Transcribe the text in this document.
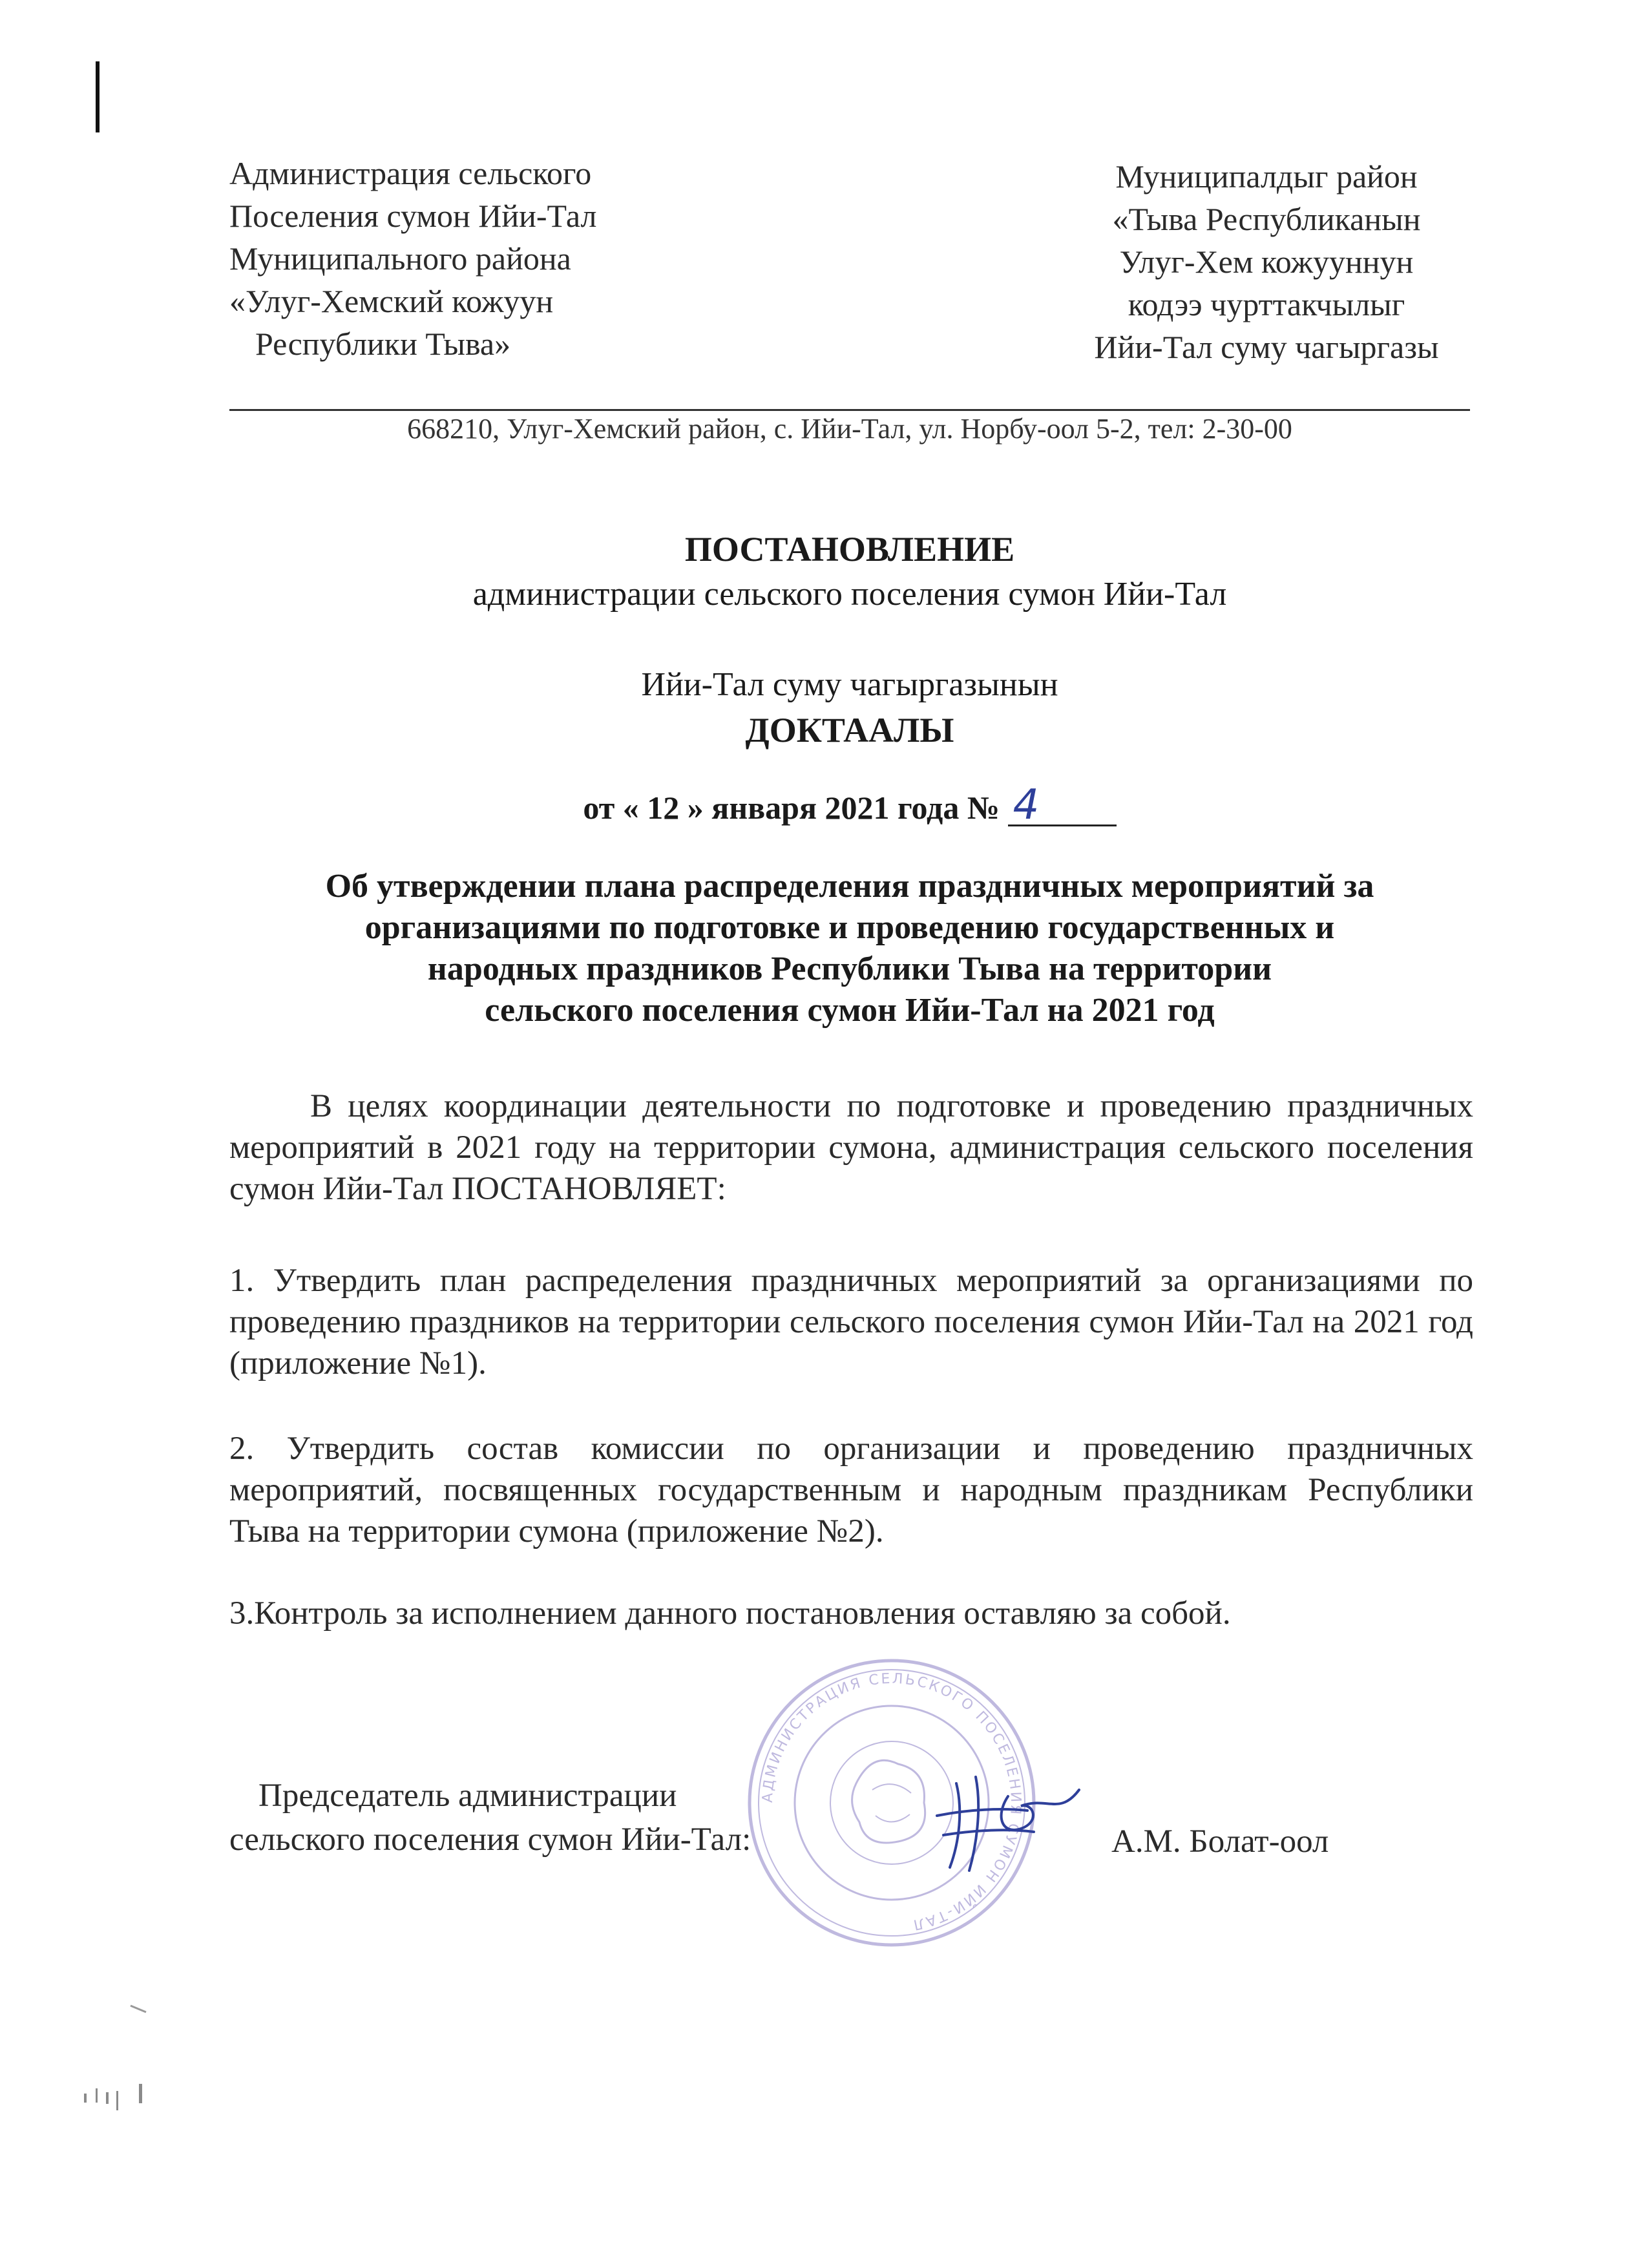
Администрация сельского
Поселения сумон Ийи-Тал
Муниципального района
«Улуг-Хемский кожуун
Республики Тыва»
Муниципалдыг район
«Тыва Республиканын
Улуг-Хем кожууннун
кодээ чурттакчылыг
Ийи-Тал суму чагыргазы
668210, Улуг-Хемский район, с. Ийи-Тал, ул. Норбу-оол 5-2, тел: 2-30-00
ПОСТАНОВЛЕНИЕ
администрации сельского поселения сумон Ийи-Тал
Ийи-Тал суму чагыргазынын
ДОКТААЛЫ
от « 12 » января 2021 года № 4
Об утверждении плана распределения праздничных мероприятий за
организациями по подготовке и проведению государственных и
народных праздников Республики Тыва на территории
сельского поселения сумон Ийи-Тал на 2021 год
В целях координации деятельности по подготовке и проведению праздничных мероприятий в 2021 году на территории сумона, администрация сельского поселения сумон Ийи-Тал ПОСТАНОВЛЯЕТ:
1. Утвердить план распределения праздничных мероприятий за организациями по проведению праздников на территории сельского поселения сумон Ийи-Тал на 2021 год (приложение №1).
2. Утвердить состав комиссии по организации и проведению праздничных мероприятий, посвященных государственным и народным праздникам Республики Тыва на территории сумона (приложение №2).
3.Контроль за исполнением данного постановления оставляю за собой.
АДМИНИСТРАЦИЯ СЕЛЬСКОГО ПОСЕЛЕНИЯ СУМОН ИЙИ-ТАЛ
Председатель администрации
сельского поселения сумон Ийи-Тал:	А.М. Болат-оол
